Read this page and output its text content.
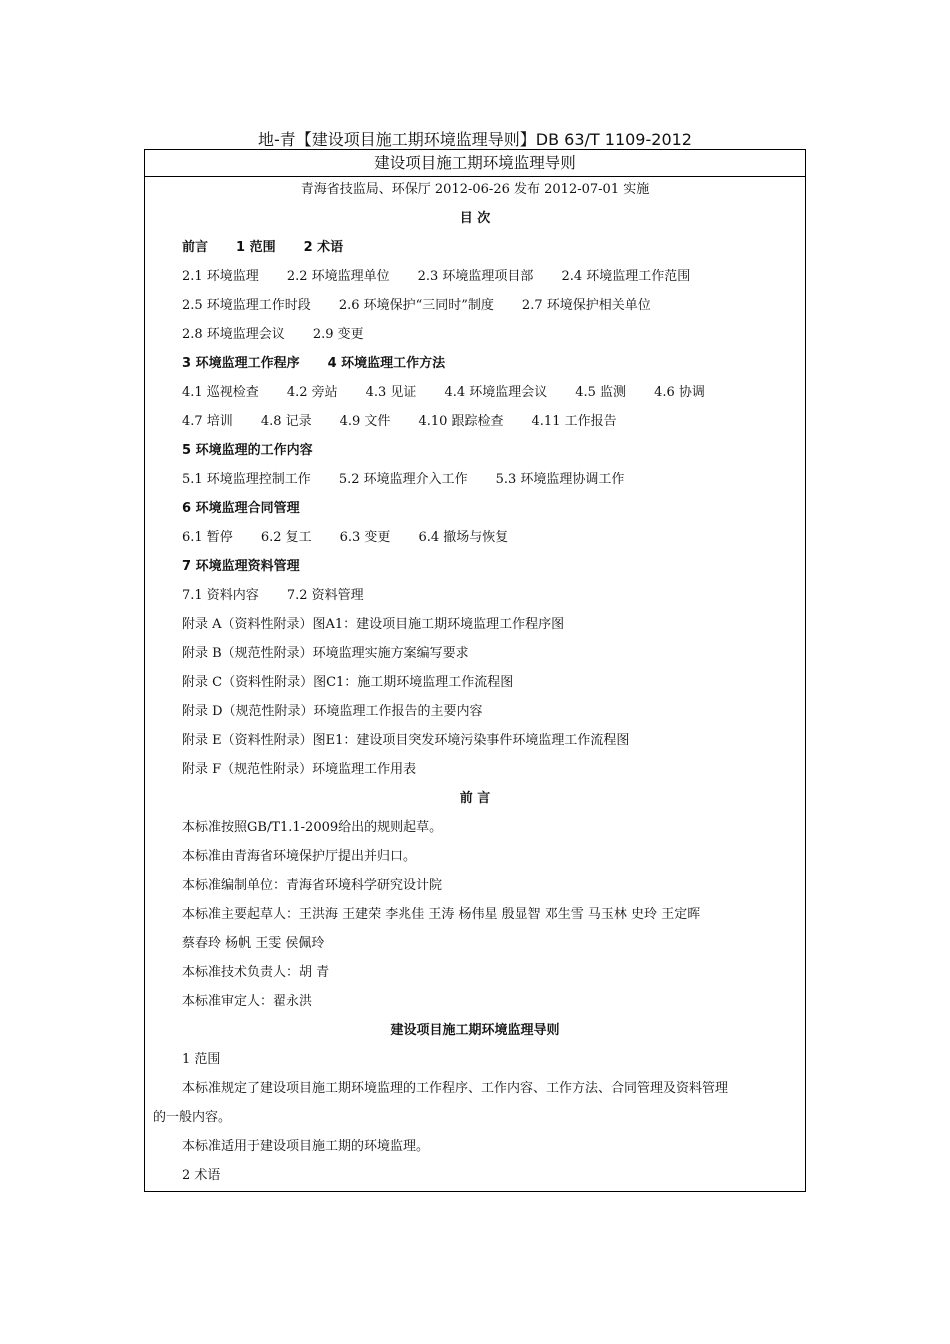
地-青【建设项目施工期环境监理导则】DB 63/T 1109-2012
建设项目施工期环境监理导则
青海省技监局、环保厅 2012-06-26 发布 2012-07-01 实施
目 次
前言 1 范围 2 术语
2.1 环境监理 2.2 环境监理单位 2.3 环境监理项目部 2.4 环境监理工作范围
2.5 环境监理工作时段 2.6 环境保护“三同时”制度 2.7 环境保护相关单位
2.8 环境监理会议 2.9 变更
3 环境监理工作程序 4 环境监理工作方法
4.1 巡视检查 4.2 旁站 4.3 见证 4.4 环境监理会议 4.5 监测 4.6 协调
4.7 培训 4.8 记录 4.9 文件 4.10 跟踪检查 4.11 工作报告
5 环境监理的工作内容
5.1 环境监理控制工作 5.2 环境监理介入工作 5.3 环境监理协调工作
6 环境监理合同管理
6.1 暂停 6.2 复工 6.3 变更 6.4 撤场与恢复
7 环境监理资料管理
7.1 资料内容 7.2 资料管理
附录 A（资料性附录）图A1：建设项目施工期环境监理工作程序图
附录 B（规范性附录）环境监理实施方案编写要求
附录 C（资料性附录）图C1：施工期环境监理工作流程图
附录 D（规范性附录）环境监理工作报告的主要内容
附录 E（资料性附录）图E1：建设项目突发环境污染事件环境监理工作流程图
附录 F（规范性附录）环境监理工作用表
前 言
本标准按照GB/T1.1-2009给出的规则起草。
本标准由青海省环境保护厅提出并归口。
本标准编制单位：青海省环境科学研究设计院
本标准主要起草人：王洪海 王建荣 李兆佳 王涛 杨伟星 殷显智 邓生雪 马玉林 史玲 王定晖
蔡春玲 杨帆 王雯 侯佩玲
本标准技术负责人：胡 青
本标准审定人：翟永洪
建设项目施工期环境监理导则
1 范围
本标准规定了建设项目施工期环境监理的工作程序、工作内容、工作方法、合同管理及资料管理
的一般内容。
本标准适用于建设项目施工期的环境监理。
2 术语
